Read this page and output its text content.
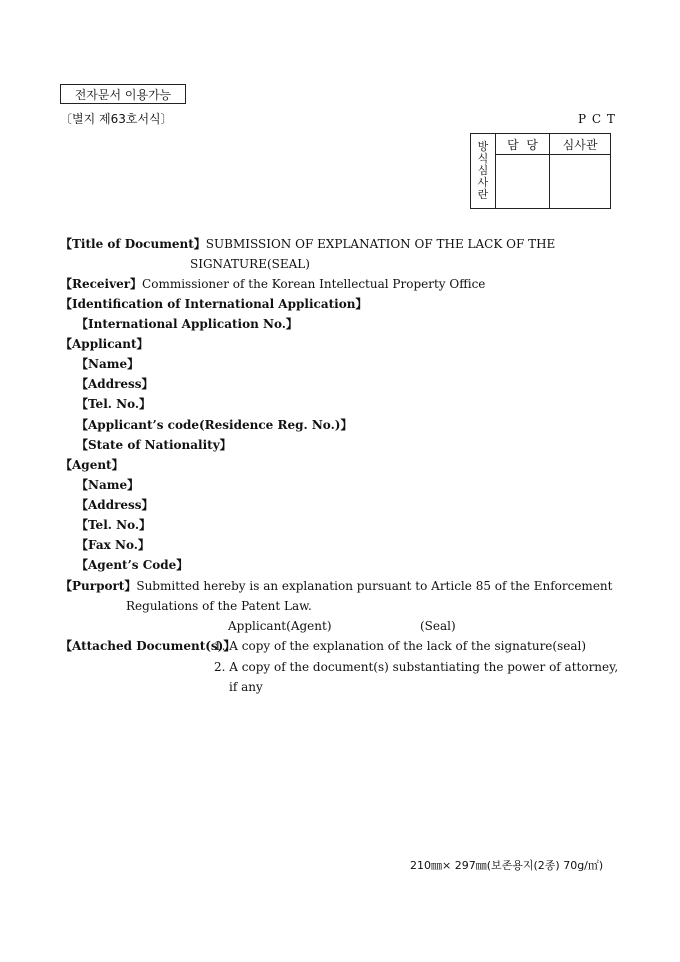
전자문서 이용가능
〔별지 제63호서식〕	P C T
방
식
심
사
란	담  당	심사관

【Title of Document】SUBMISSION OF EXPLANATION OF THE LACK OF THE
SIGNATURE(SEAL)
【Receiver】Commissioner of the Korean Intellectual Property Office
【Identification of International Application】
【International Application No.】
【Applicant】
【Name】
【Address】
【Tel. No.】
【Applicant’s code(Residence Reg. No.)】
【State of Nationality】
【Agent】
【Name】
【Address】
【Tel. No.】
【Fax No.】
【Agent’s Code】
【Purport】Submitted hereby is an explanation pursuant to Article 85 of the Enforcement
Regulations of the Patent Law.
Applicant(Agent)	(Seal)
【Attached Document(s)】
1. A copy of the explanation of the lack of the signature(seal)
2. A copy of the document(s) substantiating the power of attorney,
if any
210㎜× 297㎜(보존용지(2종) 70g/㎡)
